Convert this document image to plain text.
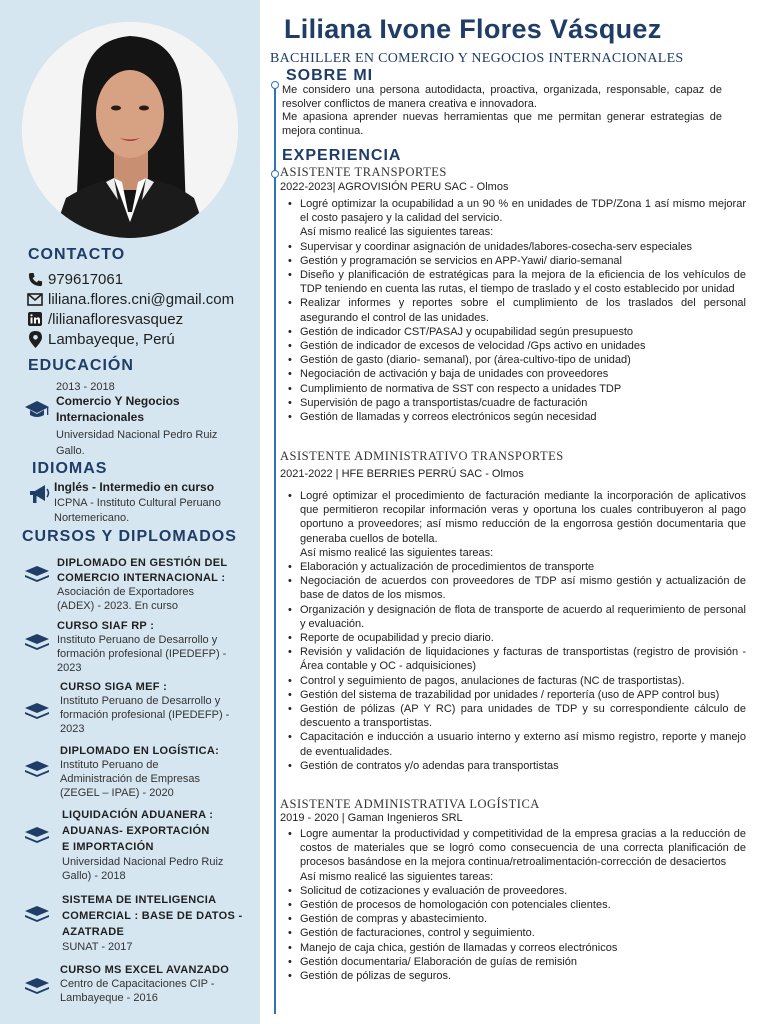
CONTACTO
979617061
liliana.flores.cni@gmail.com
/lilianafloresvasquez
Lambayeque, Perú
EDUCACIÓN
2013 - 2018
Comercio Y Negocios
Internacionales
Universidad Nacional Pedro Ruiz
Gallo.
IDIOMAS
Inglés - Intermedio en curso
ICPNA - Instituto Cultural Peruano
Nortemericano.
CURSOS Y DIPLOMADOS
DIPLOMADO EN GESTIÓN DEL
COMERCIO INTERNACIONAL :
Asociación de Exportadores
(ADEX) - 2023. En curso
CURSO SIAF RP :
Instituto Peruano de Desarrollo y
formación profesional (IPEDEFP) -
2023
CURSO SIGA MEF :
Instituto Peruano de Desarrollo y
formación profesional (IPEDEFP) -
2023
DIPLOMADO EN LOGÍSTICA:
Instituto Peruano de
Administración de Empresas
(ZEGEL – IPAE) - 2020
LIQUIDACIÓN ADUANERA :
ADUANAS- EXPORTACIÓN
E IMPORTACIÓN
Universidad Nacional Pedro Ruiz
Gallo) - 2018
SISTEMA DE INTELIGENCIA
COMERCIAL : BASE DE DATOS -
AZATRADE
SUNAT - 2017
CURSO MS EXCEL AVANZADO
Centro de Capacitaciones CIP -
Lambayeque - 2016
Liliana Ivone Flores Vásquez
BACHILLER EN COMERCIO Y NEGOCIOS INTERNACIONALES
SOBRE MI
Me considero una persona autodidacta, proactiva, organizada, responsable, capaz de resolver conflictos de manera creativa e innovadora.
Me apasiona aprender nuevas herramientas que me permitan generar estrategias de mejora continua.
EXPERIENCIA
ASISTENTE TRANSPORTES
2022-2023| AGROVISIÓN PERU SAC - Olmos
• Logré optimizar la ocupabilidad a un 90 % en unidades de TDP/Zona 1 así mismo mejorar el costo pasajero y la calidad del servicio.
Así mismo realicé las siguientes tareas:
• Supervisar y coordinar asignación de unidades/labores-cosecha-serv especiales
• Gestión y programación se servicios en APP-Yawi/ diario-semanal
• Diseño y planificación de estratégicas para la mejora de la eficiencia de los vehículos de TDP teniendo en cuenta las rutas, el tiempo de traslado y el costo establecido por unidad
• Realizar informes y reportes sobre el cumplimiento de los traslados del personal asegurando el control de las unidades.
• Gestión de indicador CST/PASAJ y ocupabilidad según presupuesto
• Gestión de indicador de excesos de velocidad /Gps activo en unidades
• Gestión de gasto (diario- semanal), por (área-cultivo-tipo de unidad)
• Negociación de activación y baja de unidades con proveedores
• Cumplimiento de normativa de SST con respecto a unidades TDP
• Supervisión de pago a transportistas/cuadre de facturación
• Gestión de llamadas y correos electrónicos según necesidad
ASISTENTE ADMINISTRATIVO TRANSPORTES
2021-2022 | HFE BERRIES PERRÚ SAC - Olmos
• Logré optimizar el procedimiento de facturación mediante la incorporación de aplicativos que permitieron recopilar información veras y oportuna los cuales contribuyeron al pago oportuno a proveedores; así mismo reducción de la engorrosa gestión documentaria que generaba cuellos de botella.
Así mismo realicé las siguientes tareas:
• Elaboración y actualización de procedimientos de transporte
• Negociación de acuerdos con proveedores de TDP así mismo gestión y actualización de base de datos de los mismos.
• Organización y designación de flota de transporte de acuerdo al requerimiento de personal y evaluación.
• Reporte de ocupabilidad y precio diario.
• Revisión y validación de liquidaciones y facturas de transportistas (registro de provisión - Área contable y OC - adquisiciones)
• Control y seguimiento de pagos, anulaciones de facturas (NC de trasportistas).
• Gestión del sistema de trazabilidad por unidades / reportería (uso de APP control bus)
• Gestión de pólizas (AP Y RC) para unidades de TDP y su correspondiente cálculo de descuento a transportistas.
• Capacitación e inducción a usuario interno y externo así mismo registro, reporte y manejo de eventualidades.
• Gestión de contratos y/o adendas para transportistas
ASISTENTE ADMINISTRATIVA LOGÍSTICA
2019 - 2020 | Gaman Ingenieros SRL
• Logre aumentar la productividad y competitividad de la empresa gracias a la reducción de costos de materiales que se logró como consecuencia de una correcta planificación de procesos basándose en la mejora continua/retroalimentación-corrección de desaciertos
Así mismo realicé las siguientes tareas:
• Solicitud de cotizaciones y evaluación de proveedores.
• Gestión de procesos de homologación con potenciales clientes.
• Gestión de compras y abastecimiento.
• Gestión de facturaciones, control y seguimiento.
• Manejo de caja chica, gestión de llamadas y correos electrónicos
• Gestión documentaria/ Elaboración de guías de remisión
• Gestión de pólizas de seguros.
